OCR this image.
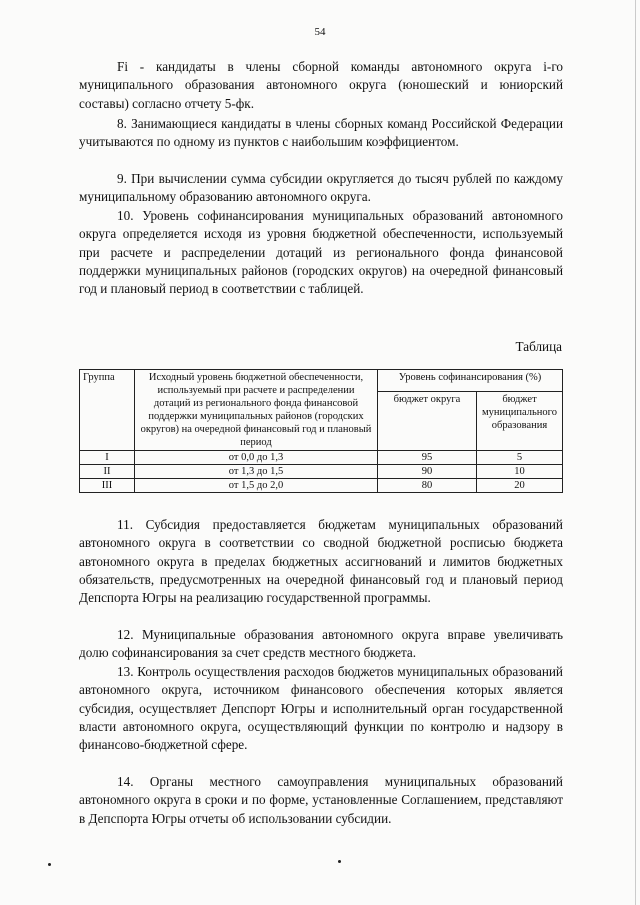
54

Fi - кандидаты в члены сборной команды автономного округа i-го муниципального образования автономного округа (юношеский и юниорский составы) согласно отчету 5-фк.

8. Занимающиеся кандидаты в члены сборных команд Российской Федерации учитываются по одному из пунктов с наибольшим коэффициентом.

9. При вычислении сумма субсидии округляется до тысяч рублей по каждому муниципальному образованию автономного округа.

10. Уровень софинансирования муниципальных образований автономного округа определяется исходя из уровня бюджетной обеспеченности, используемый при расчете и распределении дотаций из регионального фонда финансовой поддержки муниципальных районов (городских округов) на очередной финансовый год и плановый период в соответствии с таблицей.

Таблица
Группа	Исходный уровень бюджетной обеспеченности, используемый при расчете и распределении дотаций из регионального фонда финансовой поддержки муниципальных районов (городских округов) на очередной финансовый год и плановый период	Уровень софинансирования (%)	
		бюджет округа	бюджет муниципального образования
I	от 0,0 до 1,3	95	5
II	от 1,3 до 1,5	90	10
III	от 1,5 до 2,0	80	20

11. Субсидия предоставляется бюджетам муниципальных образований автономного округа в соответствии со сводной бюджетной росписью бюджета автономного округа в пределах бюджетных ассигнований и лимитов бюджетных обязательств, предусмотренных на очередной финансовый год и плановый период Депспорта Югры на реализацию государственной программы.

12. Муниципальные образования автономного округа вправе увеличивать долю софинансирования за счет средств местного бюджета.

13. Контроль осуществления расходов бюджетов муниципальных образований автономного округа, источником финансового обеспечения которых является субсидия, осуществляет Депспорт Югры и исполнительный орган государственной власти автономного округа, осуществляющий функции по контролю и надзору в финансово-бюджетной сфере.

14. Органы местного самоуправления муниципальных образований автономного округа в сроки и по форме, установленные Соглашением, представляют в Депспорта Югры отчеты об использовании субсидии.
